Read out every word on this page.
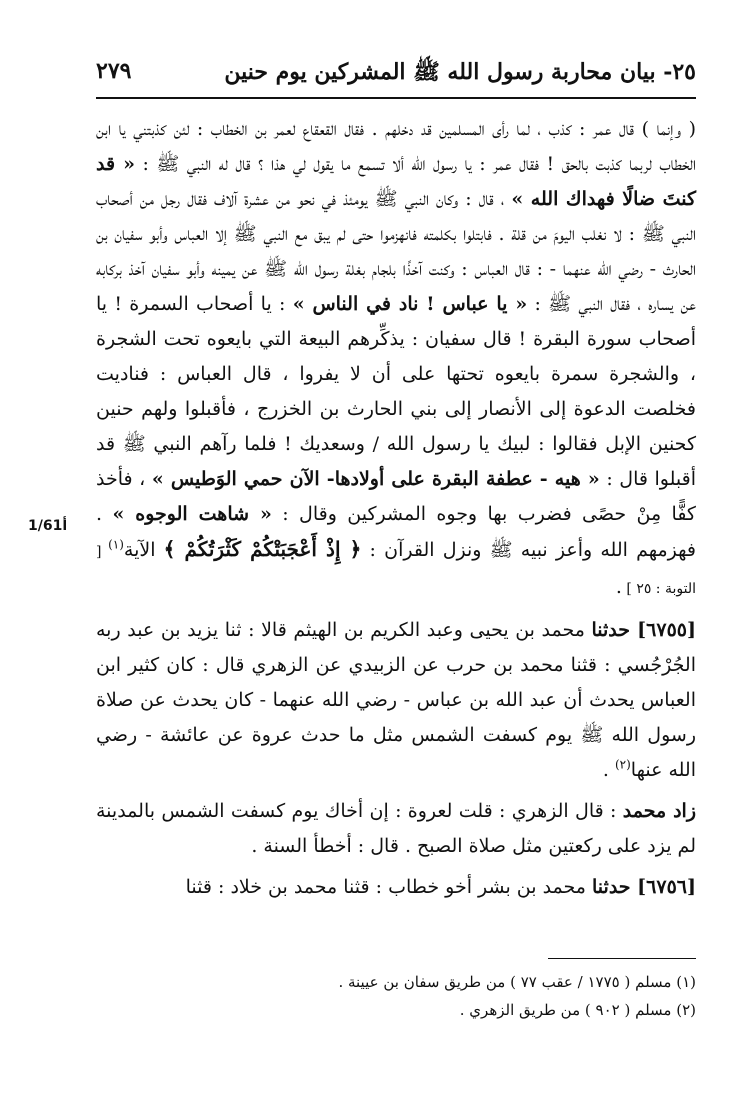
٢٥- بيان محاربة رسول الله ﷺ المشركين يوم حنين
٢٧٩
1/61أ

( وإنما ) قال عمر : كذب ، لما رأى المسلمين قد دخلهم . فقال القعقاع لعمر بن الخطاب : لئن كذبتني يا ابن الخطاب لربما كذبت بالحق ! فقال عمر : يا رسول الله ألا تسمع ما يقول لي هذا ؟ قال له النبي ﷺ : « قد كنتَ ضالًا فهداك الله » ، قال : وكان النبي ﷺ يومئذ في نحو من عشرة آلاف فقال رجل من أصحاب النبي ﷺ : لا نغلب اليومَ من قلة . فابتلوا بكلمته فانهزموا حتى لم يبق مع النبي ﷺ إلا العباس وأبو سفيان بن الحارث - رضي الله عنهما - : قال العباس : وكنت آخذًا بلجام بغلة رسول الله ﷺ عن يمينه وأبو سفيان آخذ بركابه عن يساره ، فقال النبي ﷺ : « يا عباس ! ناد في الناس » : يا أصحاب السمرة ! يا أصحاب سورة البقرة ! قال سفيان : يذكِّرهم البيعة التي بايعوه تحت الشجرة ، والشجرة سمرة بايعوه تحتها على أن لا يفروا ، قال العباس : فناديت فخلصت الدعوة إلى الأنصار إلى بني الحارث بن الخزرج ، فأقبلوا ولهم حنين كحنين الإبل فقالوا : لبيك يا رسول الله / وسعديك ! فلما رآهم النبي ﷺ قد أقبلوا قال : « هيه - عطفة البقرة على أولادها- الآن حمي الوَطيس » ، فأخذ كفًّا مِنْ حصًى فضرب بها وجوه المشركين وقال : « شاهت الوجوه » . فهزمهم الله وأعز نبيه ﷺ ونزل القرآن : ﴿ إِذْ أَعْجَبَتْكُمْ كَثْرَتُكُمْ ﴾ الآية$^{(١)}$ [ التوبة : ٢٥ ] .

[٦٧٥٥] حدثنا محمد بن يحيى وعبد الكريم بن الهيثم قالا : ثنا يزيد بن عبد ربه الجُرْجُسي : قثنا محمد بن حرب عن الزبيدي عن الزهري قال : كان كثير ابن العباس يحدث أن عبد الله بن عباس - رضي الله عنهما - كان يحدث عن صلاة رسول الله ﷺ يوم كسفت الشمس مثل ما حدث عروة عن عائشة - رضي الله عنها$^{(٢)}$ .

زاد محمد : قال الزهري : قلت لعروة : إن أخاك يوم كسفت الشمس بالمدينة لم يزد على ركعتين مثل صلاة الصبح . قال : أخطأ السنة .

[٦٧٥٦] حدثنا محمد بن بشر أخو خطاب : قثنا محمد بن خلاد : قثنا

(١) مسلم ( ١٧٧٥ / عقب ٧٧ ) من طريق سفان بن عيينة .

(٢) مسلم ( ٩٠٢ ) من طريق الزهري .
